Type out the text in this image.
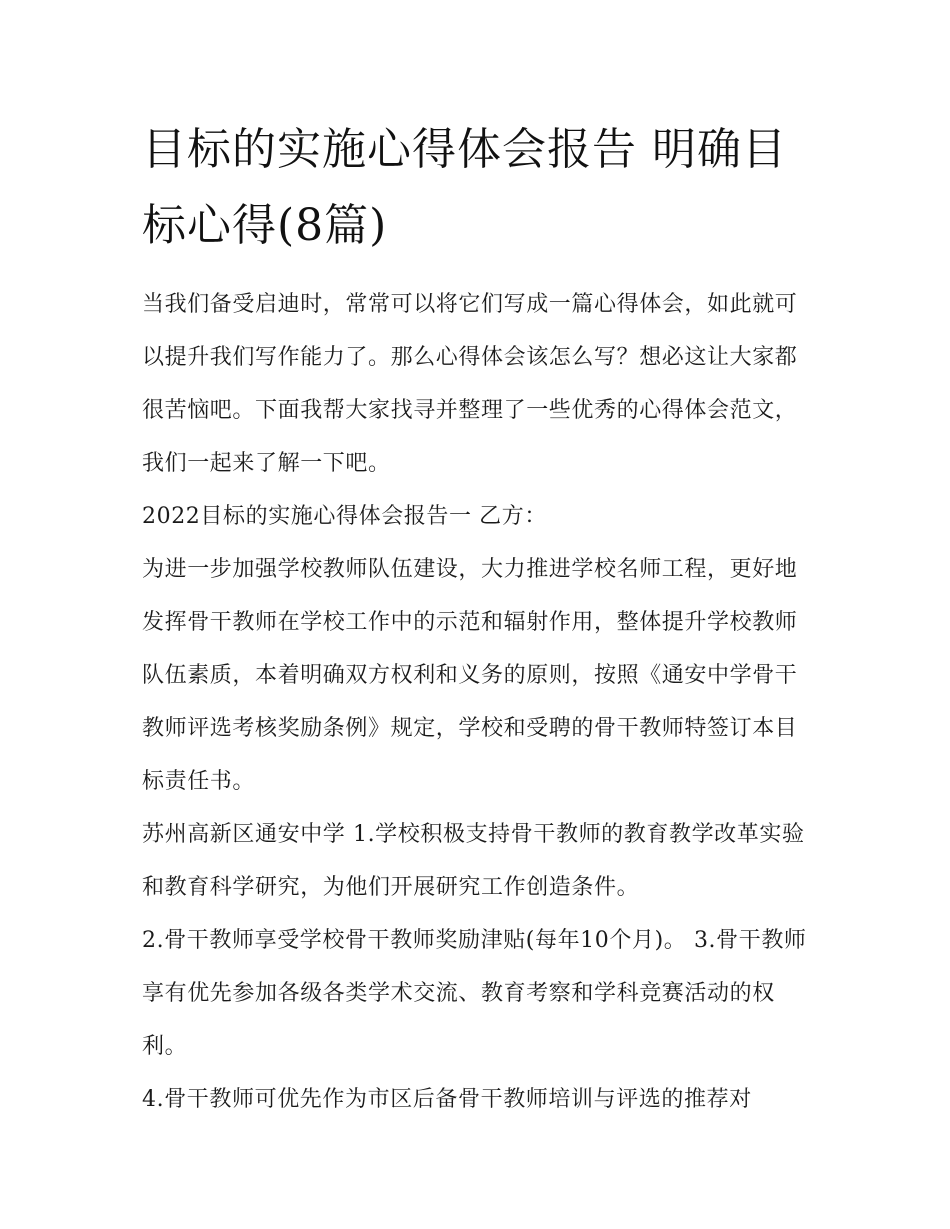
目标的实施心得体会报告 明确目标心得(8篇)

当我们备受启迪时，常常可以将它们写成一篇心得体会，如此就可以提升我们写作能力了。那么心得体会该怎么写？想必这让大家都很苦恼吧。下面我帮大家找寻并整理了一些优秀的心得体会范文，我们一起来了解一下吧。

2022目标的实施心得体会报告一 乙方：

为进一步加强学校教师队伍建设，大力推进学校名师工程，更好地发挥骨干教师在学校工作中的示范和辐射作用，整体提升学校教师队伍素质，本着明确双方权利和义务的原则，按照《通安中学骨干教师评选考核奖励条例》规定，学校和受聘的骨干教师特签订本目标责任书。

苏州高新区通安中学 1.学校积极支持骨干教师的教育教学改革实验和教育科学研究，为他们开展研究工作创造条件。

2.骨干教师享受学校骨干教师奖励津贴(每年10个月)。 3.骨干教师享有优先参加各级各类学术交流、教育考察和学科竞赛活动的权利。

4.骨干教师可优先作为市区后备骨干教师培训与评选的推荐对
